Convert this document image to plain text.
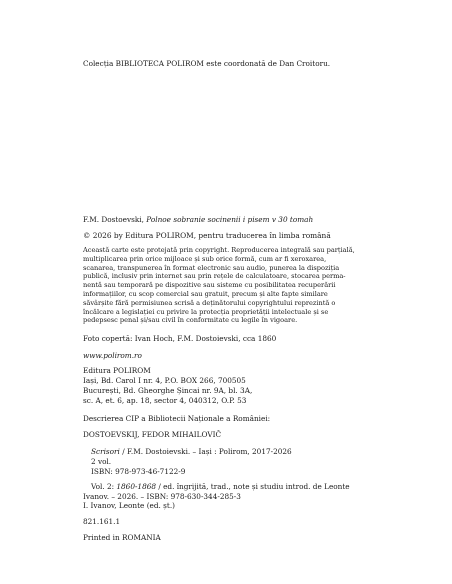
Colecția BIBLIOTECA POLIROM este coordonată de Dan Croitoru.

F.M. Dostoevski, Polnoe sobranie socinenii i pisem v 30 tomah

© 2026 by Editura POLIROM, pentru traducerea în limba română

Această carte este protejată prin copyright. Reproducerea integrală sau parțială,

multiplicarea prin orice mijloace și sub orice formă, cum ar fi xeroxarea,

scanarea, transpunerea în format electronic sau audio, punerea la dispoziția

publică, inclusiv prin internet sau prin rețele de calculatoare, stocarea perma-

nentă sau temporară pe dispozitive sau sisteme cu posibilitatea recuperării

informațiilor, cu scop comercial sau gratuit, precum și alte fapte similare

săvârșite fără permisiunea scrisă a deținătorului copyrightului reprezintă o

încălcare a legislației cu privire la protecția proprietății intelectuale și se

pedepsesc penal și/sau civil în conformitate cu legile în vigoare.

Foto copertă: Ivan Hoch, F.M. Dostoievski, cca 1860

www.polirom.ro

Editura POLIROM
Iași, Bd. Carol I nr. 4, P.O. BOX 266, 700505
București, Bd. Gheorghe Șincai nr. 9A, bl. 3A,
sc. A, et. 6, ap. 18, sector 4, 040312, O.P. 53

Descrierea CIP a Bibliotecii Naționale a României:

DOSTOEVSKIJ, FEDOR MIHAILOVIČ

Scrisori / F.M. Dostoievski. – Iași : Polirom, 2017-2026

2 vol.

ISBN: 978-973-46-7122-9

Vol. 2: 1860-1868 / ed. îngrijită, trad., note și studiu introd. de Leonte

Ivanov. – 2026. – ISBN: 978-630-344-285-3

I. Ivanov, Leonte (ed. șt.)

821.161.1

Printed in ROMANIA
